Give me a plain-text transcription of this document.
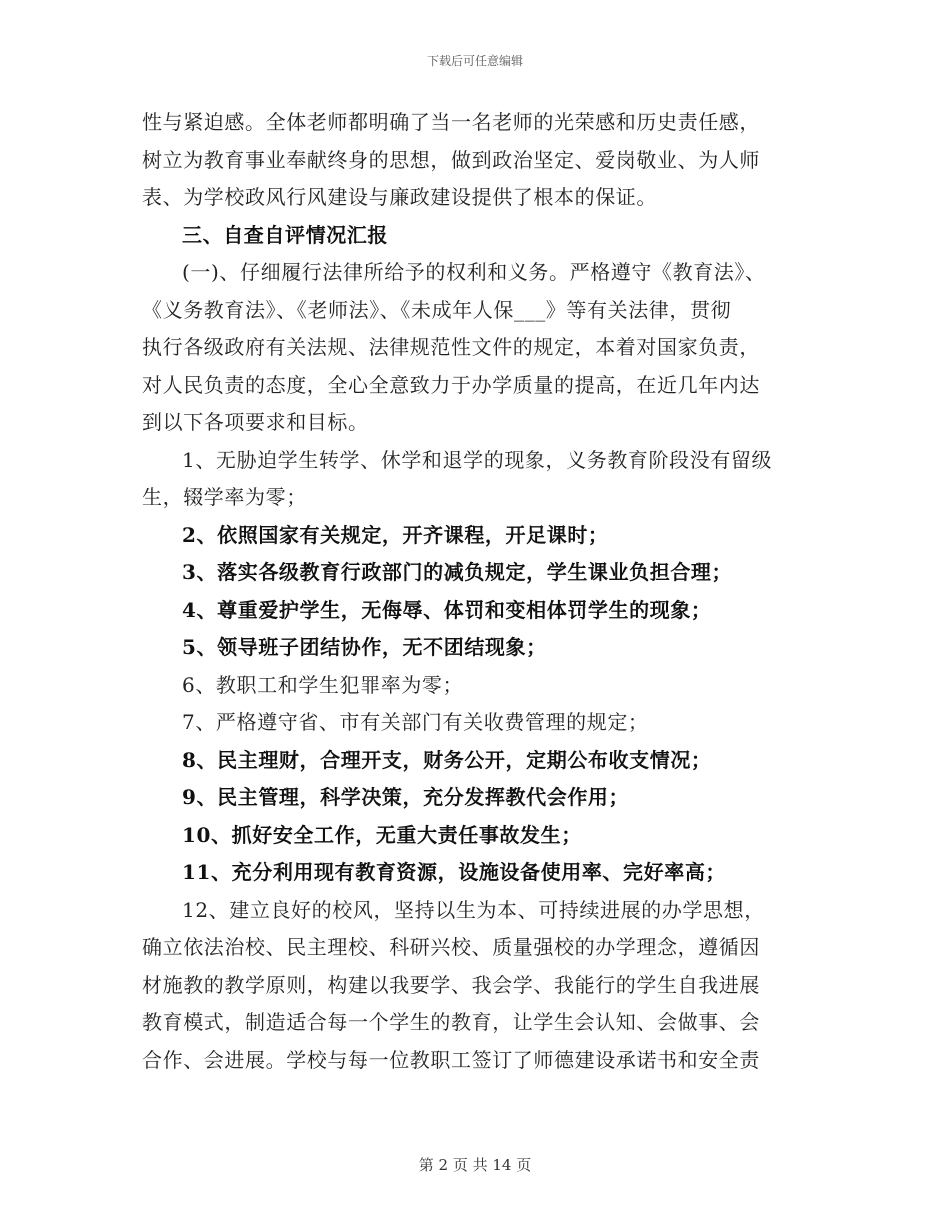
下载后可任意编辑
性与紧迫感。全体老师都明确了当一名老师的光荣感和历史责任感，
树立为教育事业奉献终身的思想，做到政治坚定、爱岗敬业、为人师
表、为学校政风行风建设与廉政建设提供了根本的保证。
三、自查自评情况汇报
(一)、仔细履行法律所给予的权利和义务。严格遵守《教育法》、
《义务教育法》、《老师法》、《未成年人保___》等有关法律，贯彻
执行各级政府有关法规、法律规范性文件的规定，本着对国家负责，
对人民负责的态度，全心全意致力于办学质量的提高，在近几年内达
到以下各项要求和目标。
1、无胁迫学生转学、休学和退学的现象，义务教育阶段没有留级
生，辍学率为零；
2、依照国家有关规定，开齐课程，开足课时；
3、落实各级教育行政部门的减负规定，学生课业负担合理；
4、尊重爱护学生，无侮辱、体罚和变相体罚学生的现象；
5、领导班子团结协作，无不团结现象；
6、教职工和学生犯罪率为零；
7、严格遵守省、市有关部门有关收费管理的规定；
8、民主理财，合理开支，财务公开，定期公布收支情况；
9、民主管理，科学决策，充分发挥教代会作用；
10、抓好安全工作，无重大责任事故发生；
11、充分利用现有教育资源，设施设备使用率、完好率高；
12、建立良好的校风，坚持以生为本、可持续进展的办学思想，
确立依法治校、民主理校、科研兴校、质量强校的办学理念，遵循因
材施教的教学原则，构建以我要学、我会学、我能行的学生自我进展
教育模式，制造适合每一个学生的教育，让学生会认知、会做事、会
合作、会进展。学校与每一位教职工签订了师德建设承诺书和安全责
第 2 页 共 14 页
